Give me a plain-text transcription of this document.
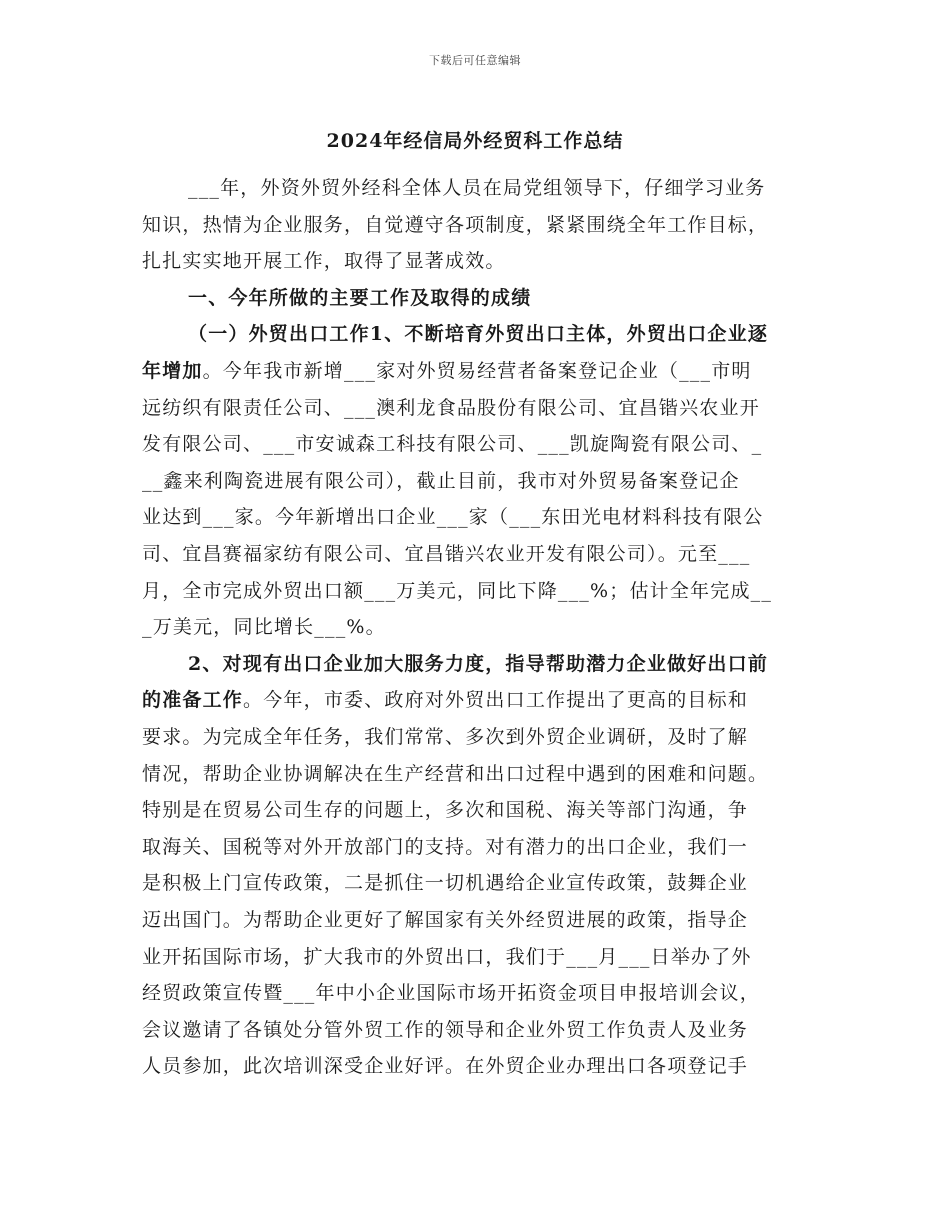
下载后可任意编辑
2024年经信局外经贸科工作总结
___年，外资外贸外经科全体人员在局党组领导下，仔细学习业务
知识，热情为企业服务，自觉遵守各项制度，紧紧围绕全年工作目标，
扎扎实实地开展工作，取得了显著成效。
一、今年所做的主要工作及取得的成绩
（一）外贸出口工作1、不断培育外贸出口主体，外贸出口企业逐
年增加。今年我市新增___家对外贸易经营者备案登记企业（___市明
远纺织有限责任公司、___澳利龙食品股份有限公司、宜昌锴兴农业开
发有限公司、___市安诚森工科技有限公司、___凯旋陶瓷有限公司、_
__鑫来利陶瓷进展有限公司），截止目前，我市对外贸易备案登记企
业达到___家。今年新增出口企业___家（___东田光电材料科技有限公
司、宜昌赛福家纺有限公司、宜昌锴兴农业开发有限公司）。元至___
月，全市完成外贸出口额___万美元，同比下降___%；估计全年完成__
_万美元，同比增长___%。
2、对现有出口企业加大服务力度，指导帮助潜力企业做好出口前
的准备工作。今年，市委、政府对外贸出口工作提出了更高的目标和
要求。为完成全年任务，我们常常、多次到外贸企业调研，及时了解
情况，帮助企业协调解决在生产经营和出口过程中遇到的困难和问题。
特别是在贸易公司生存的问题上，多次和国税、海关等部门沟通，争
取海关、国税等对外开放部门的支持。对有潜力的出口企业，我们一
是积极上门宣传政策，二是抓住一切机遇给企业宣传政策，鼓舞企业
迈出国门。为帮助企业更好了解国家有关外经贸进展的政策，指导企
业开拓国际市场，扩大我市的外贸出口，我们于___月___日举办了外
经贸政策宣传暨___年中小企业国际市场开拓资金项目申报培训会议，
会议邀请了各镇处分管外贸工作的领导和企业外贸工作负责人及业务
人员参加，此次培训深受企业好评。在外贸企业办理出口各项登记手
